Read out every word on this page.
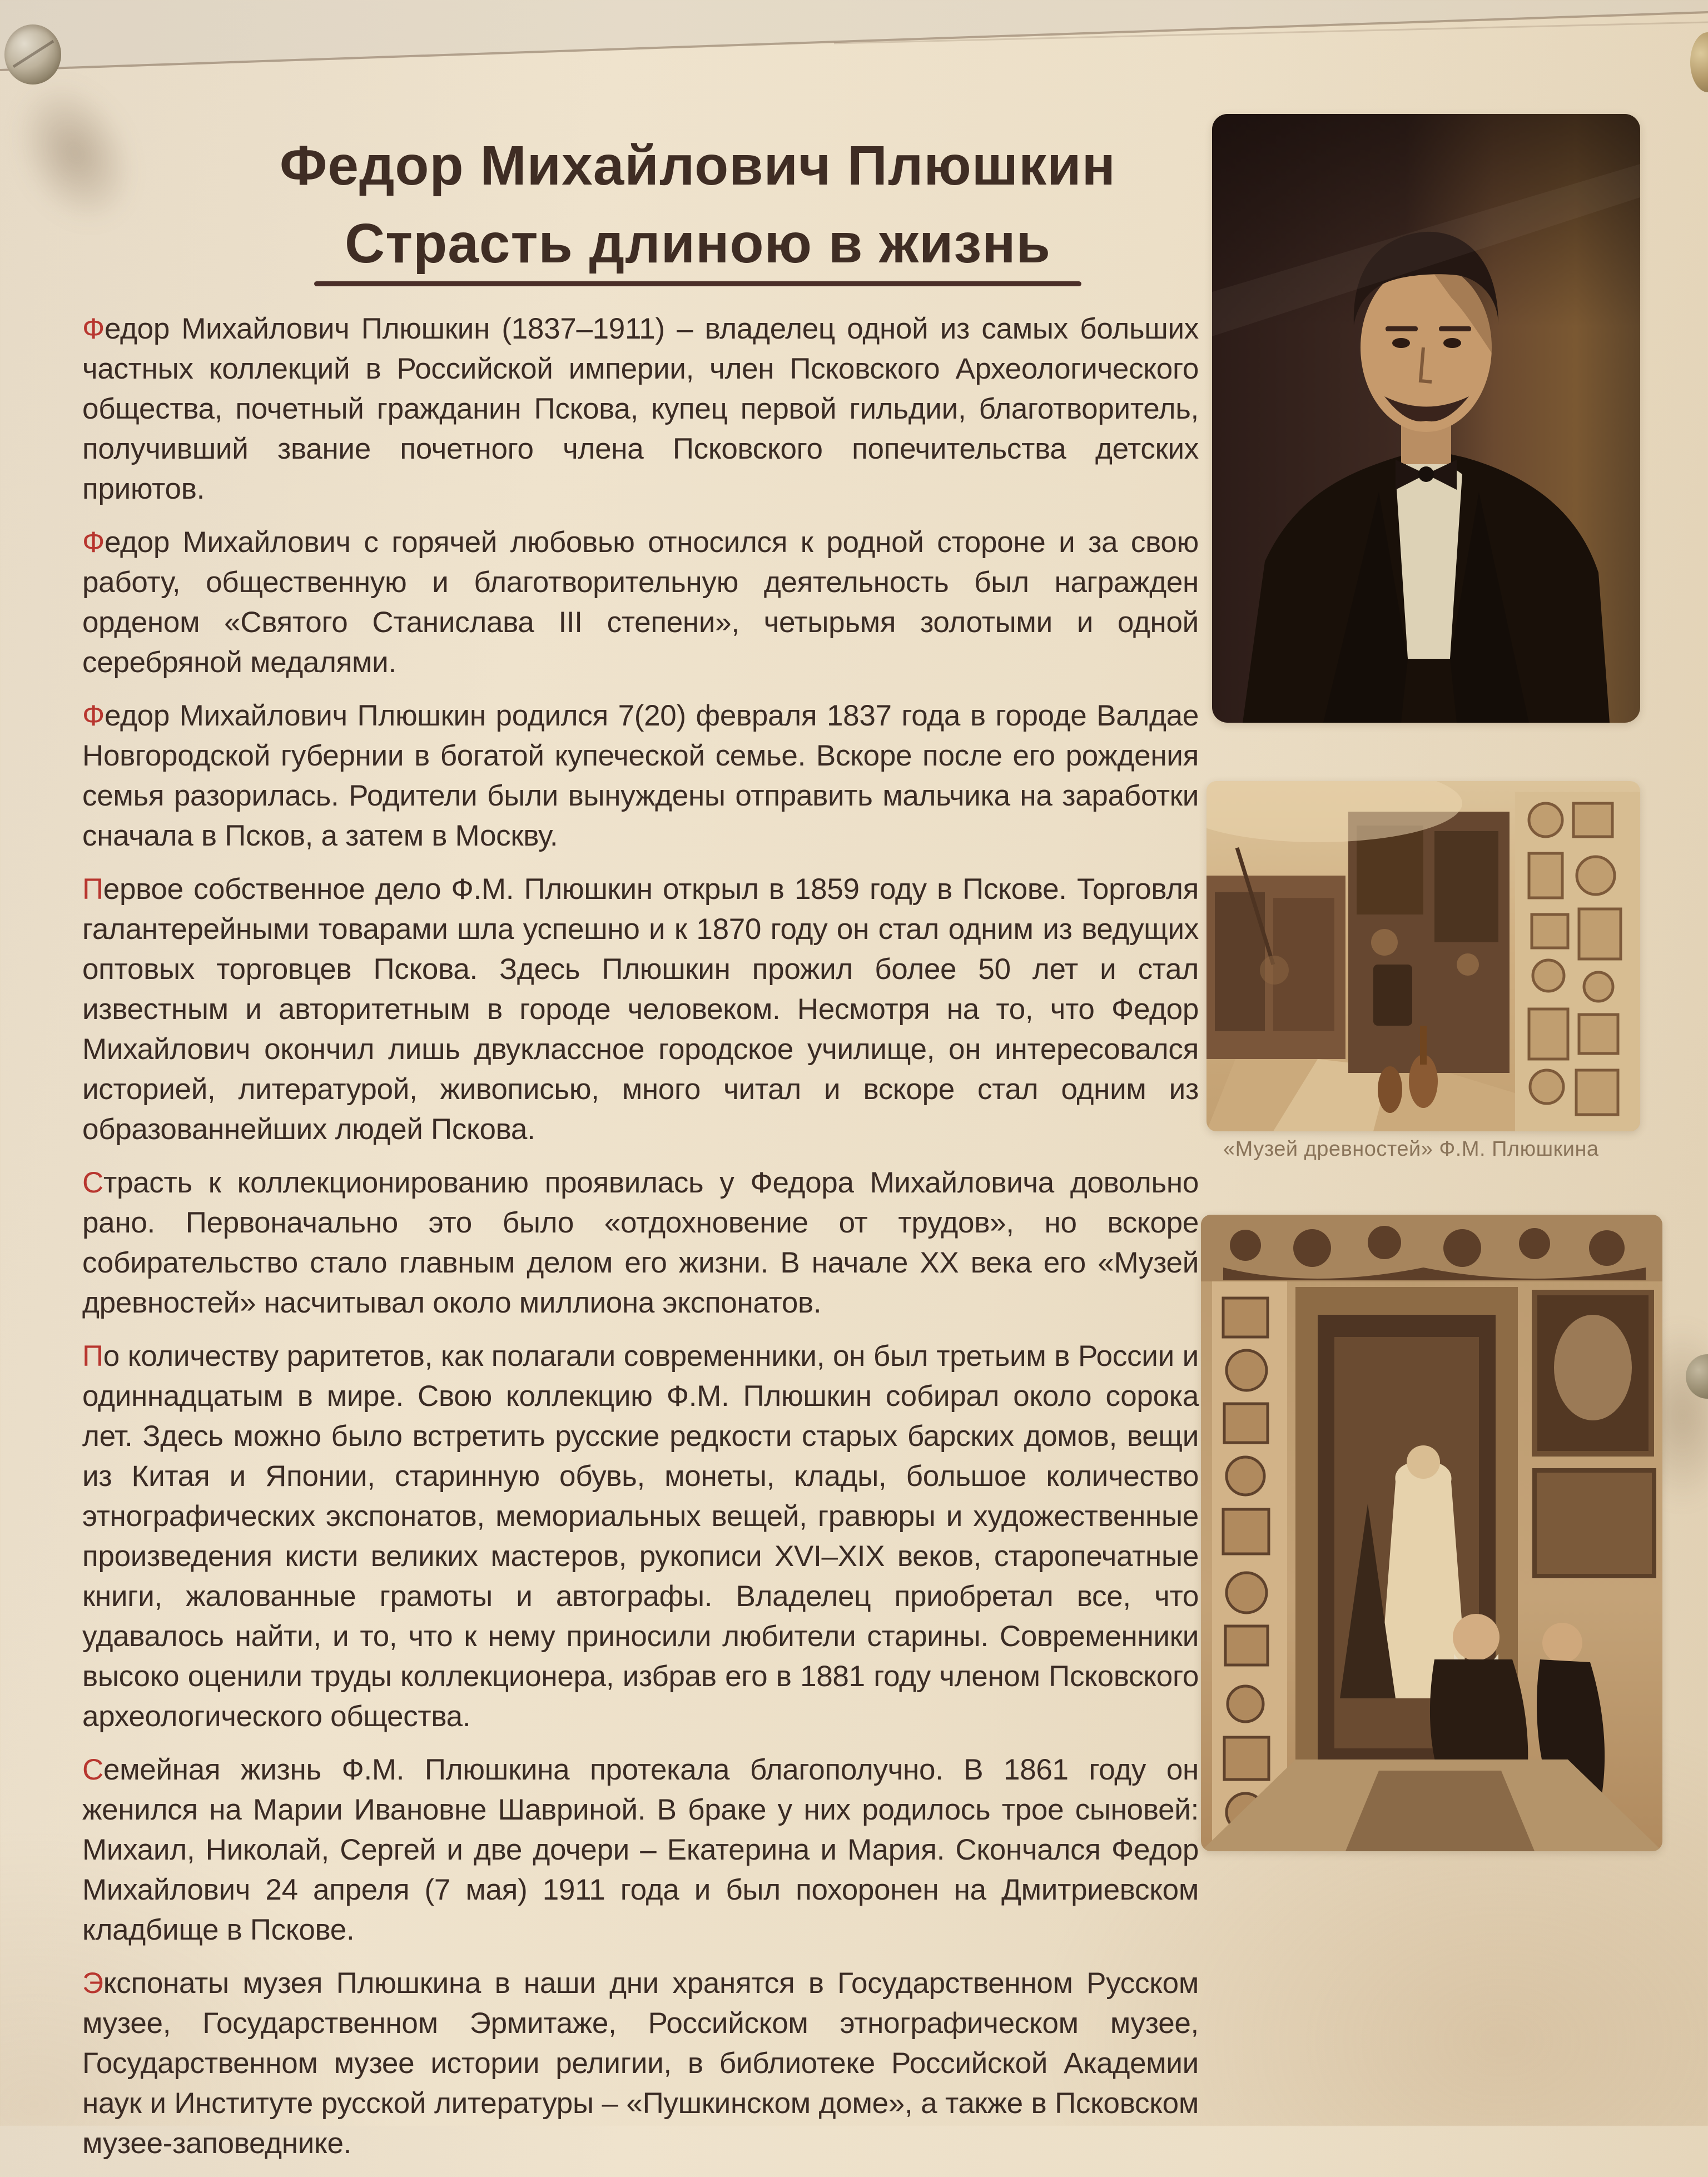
Федор Михайлович Плюшкин
Страсть длиною в жизнь

Федор Михайлович Плюшкин (1837–1911) – владелец одной из самых больших частных коллекций в Российской империи, член Псковского Археологического общества, почетный гражданин Пскова, купец первой гильдии, благотворитель, получивший звание почетного члена Псковского попечительства детских приютов.

Федор Михайлович с горячей любовью относился к родной стороне и за свою работу, общественную и благотворительную деятельность был награжден орденом «Святого Станислава III степени», четырьмя золотыми и одной серебряной медалями.

Федор Михайлович Плюшкин родился 7(20) февраля 1837 года в городе Валдае Новгородской губернии в богатой купеческой семье. Вскоре после его рождения семья разорилась. Родители были вынуждены отправить мальчика на заработки сначала в Псков, а затем в Москву.

Первое собственное дело Ф.М. Плюшкин открыл в 1859 году в Пскове. Торговля галантерейными товарами шла успешно и к 1870 году он стал одним из ведущих оптовых торговцев Пскова. Здесь Плюшкин прожил более 50 лет и стал известным и авторитетным в городе человеком. Несмотря на то, что Федор Михайлович окончил лишь двуклассное городское училище, он интересовался историей, литературой, живописью, много читал и вскоре стал одним из образованнейших людей Пскова.

Страсть к коллекционированию проявилась у Федора Михайловича довольно рано. Первоначально это было «отдохновение от трудов», но вскоре собирательство стало главным делом его жизни. В начале XX века его «Музей древностей» насчитывал около миллиона экспонатов.

По количеству раритетов, как полагали современники, он был третьим в России и одиннадцатым в мире. Свою коллекцию Ф.М. Плюшкин собирал около сорока лет. Здесь можно было встретить русские редкости старых барских домов, вещи из Китая и Японии, старинную обувь, монеты, клады, большое количество этнографических экспонатов, мемориальных вещей, гравюры и художественные произведения кисти великих мастеров, рукописи XVI–XIX веков, старопечатные книги, жалованные грамоты и автографы. Владелец приобретал все, что удавалось найти, и то, что к нему приносили любители старины. Современники высоко оценили труды коллекционера, избрав его в 1881 году членом Псковского археологического общества.

Семейная жизнь Ф.М. Плюшкина протекала благополучно. В 1861 году он женился на Марии Ивановне Шавриной. В браке у них родилось трое сыновей: Михаил, Николай, Сергей и две дочери – Екатерина и Мария. Скончался Федор Михайлович 24 апреля (7 мая) 1911 года и был похоронен на Дмитриевском кладбище в Пскове.

Экспонаты музея Плюшкина в наши дни хранятся в Государственном Русском музее, Государственном Эрмитаже, Российском этнографическом музее, Государственном музее истории религии, в библиотеке Российской Академии наук и Институте русской литературы – «Пушкинском доме», а также в Псковском музее-заповеднике.

«Музей древностей» Ф.М. Плюшкина
